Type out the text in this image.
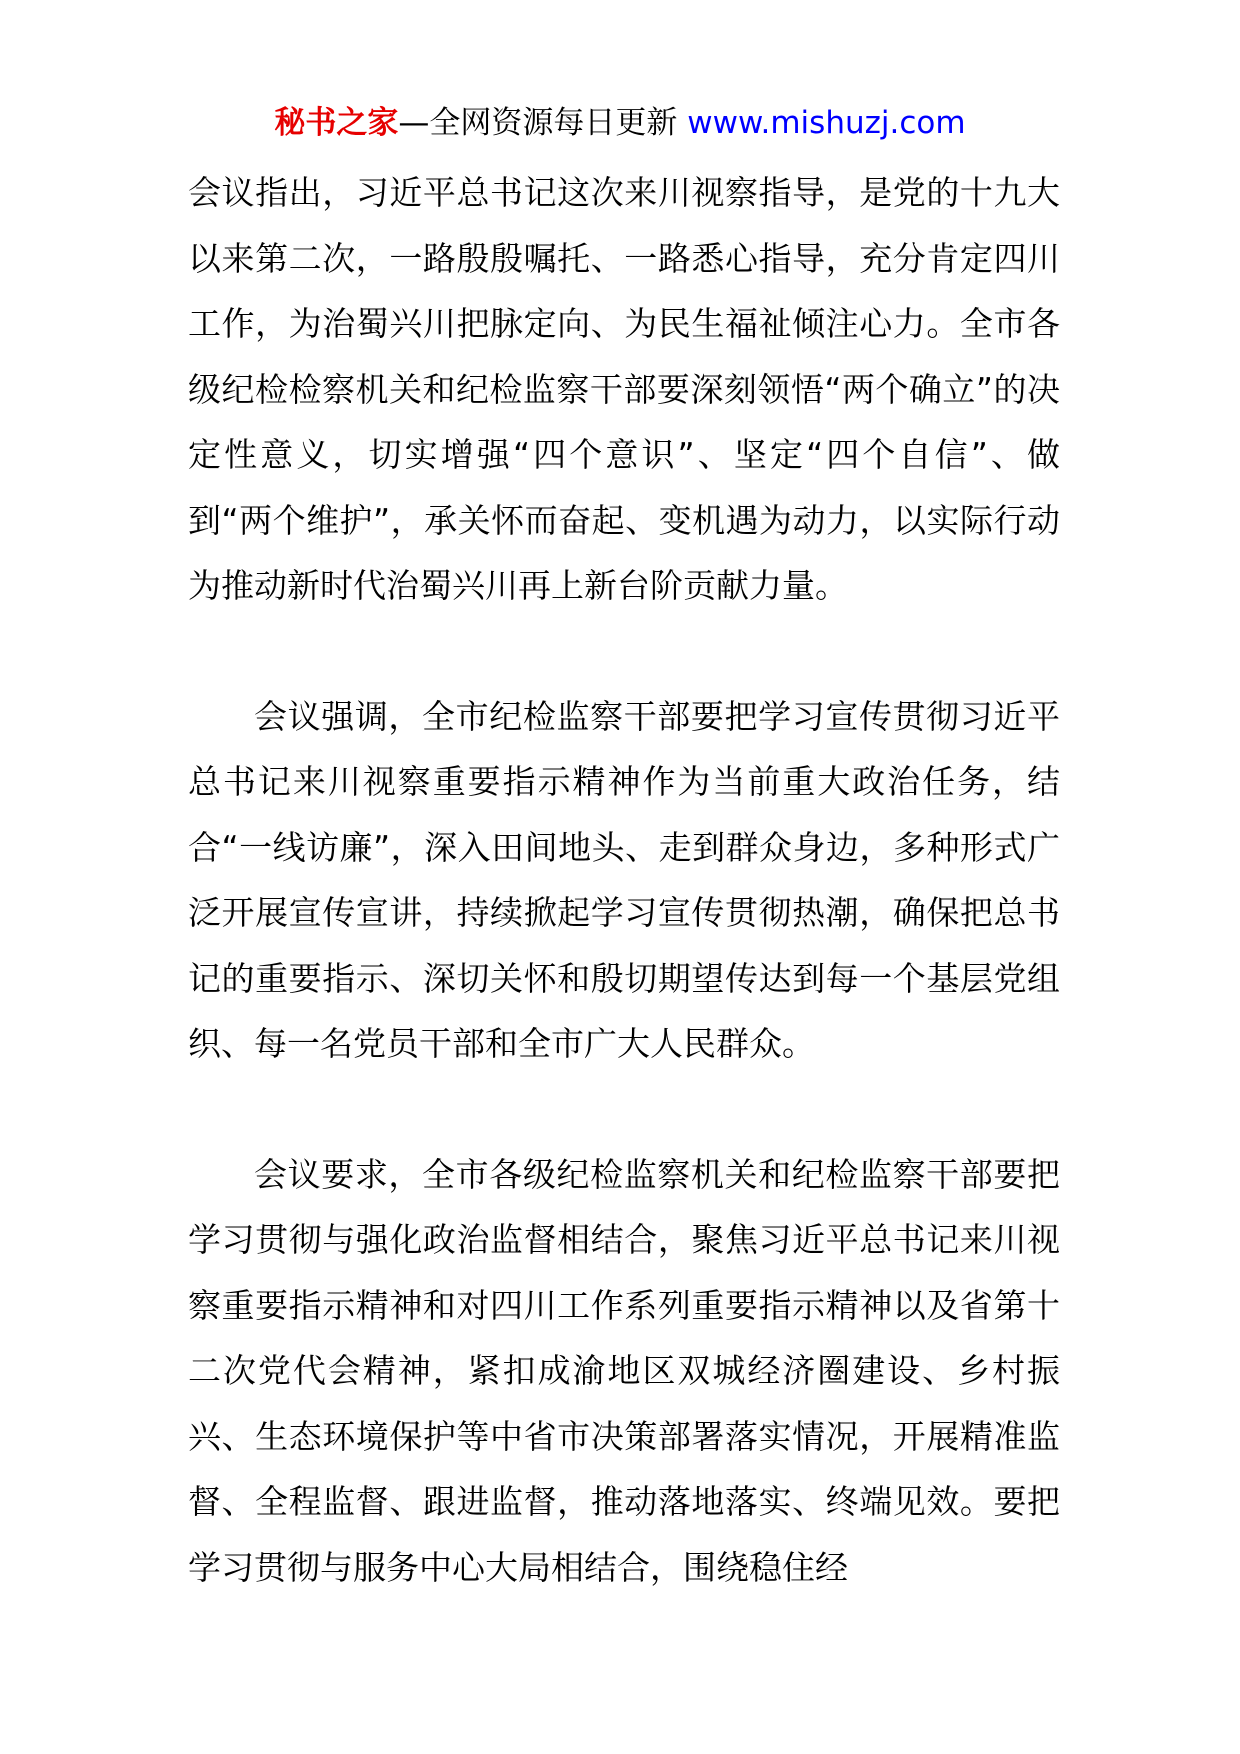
秘书之家—全网资源每日更新 www.mishuzj.com

会议指出，习近平总书记这次来川视察指导，是党的十九大以来第二次，一路殷殷嘱托、一路悉心指导，充分肯定四川工作，为治蜀兴川把脉定向、为民生福祉倾注心力。全市各级纪检检察机关和纪检监察干部要深刻领悟“两个确立”的决定性意义，切实增强“四个意识”、坚定“四个自信”、做到“两个维护”，承关怀而奋起、变机遇为动力，以实际行动为推动新时代治蜀兴川再上新台阶贡献力量。

会议强调，全市纪检监察干部要把学习宣传贯彻习近平总书记来川视察重要指示精神作为当前重大政治任务，结合“一线访廉”，深入田间地头、走到群众身边，多种形式广泛开展宣传宣讲，持续掀起学习宣传贯彻热潮，确保把总书记的重要指示、深切关怀和殷切期望传达到每一个基层党组织、每一名党员干部和全市广大人民群众。

会议要求，全市各级纪检监察机关和纪检监察干部要把学习贯彻与强化政治监督相结合，聚焦习近平总书记来川视察重要指示精神和对四川工作系列重要指示精神以及省第十二次党代会精神，紧扣成渝地区双城经济圈建设、乡村振兴、生态环境保护等中省市决策部署落实情况，开展精准监督、全程监督、跟进监督，推动落地落实、终端见效。要把学习贯彻与服务中心大局相结合，围绕稳住经
